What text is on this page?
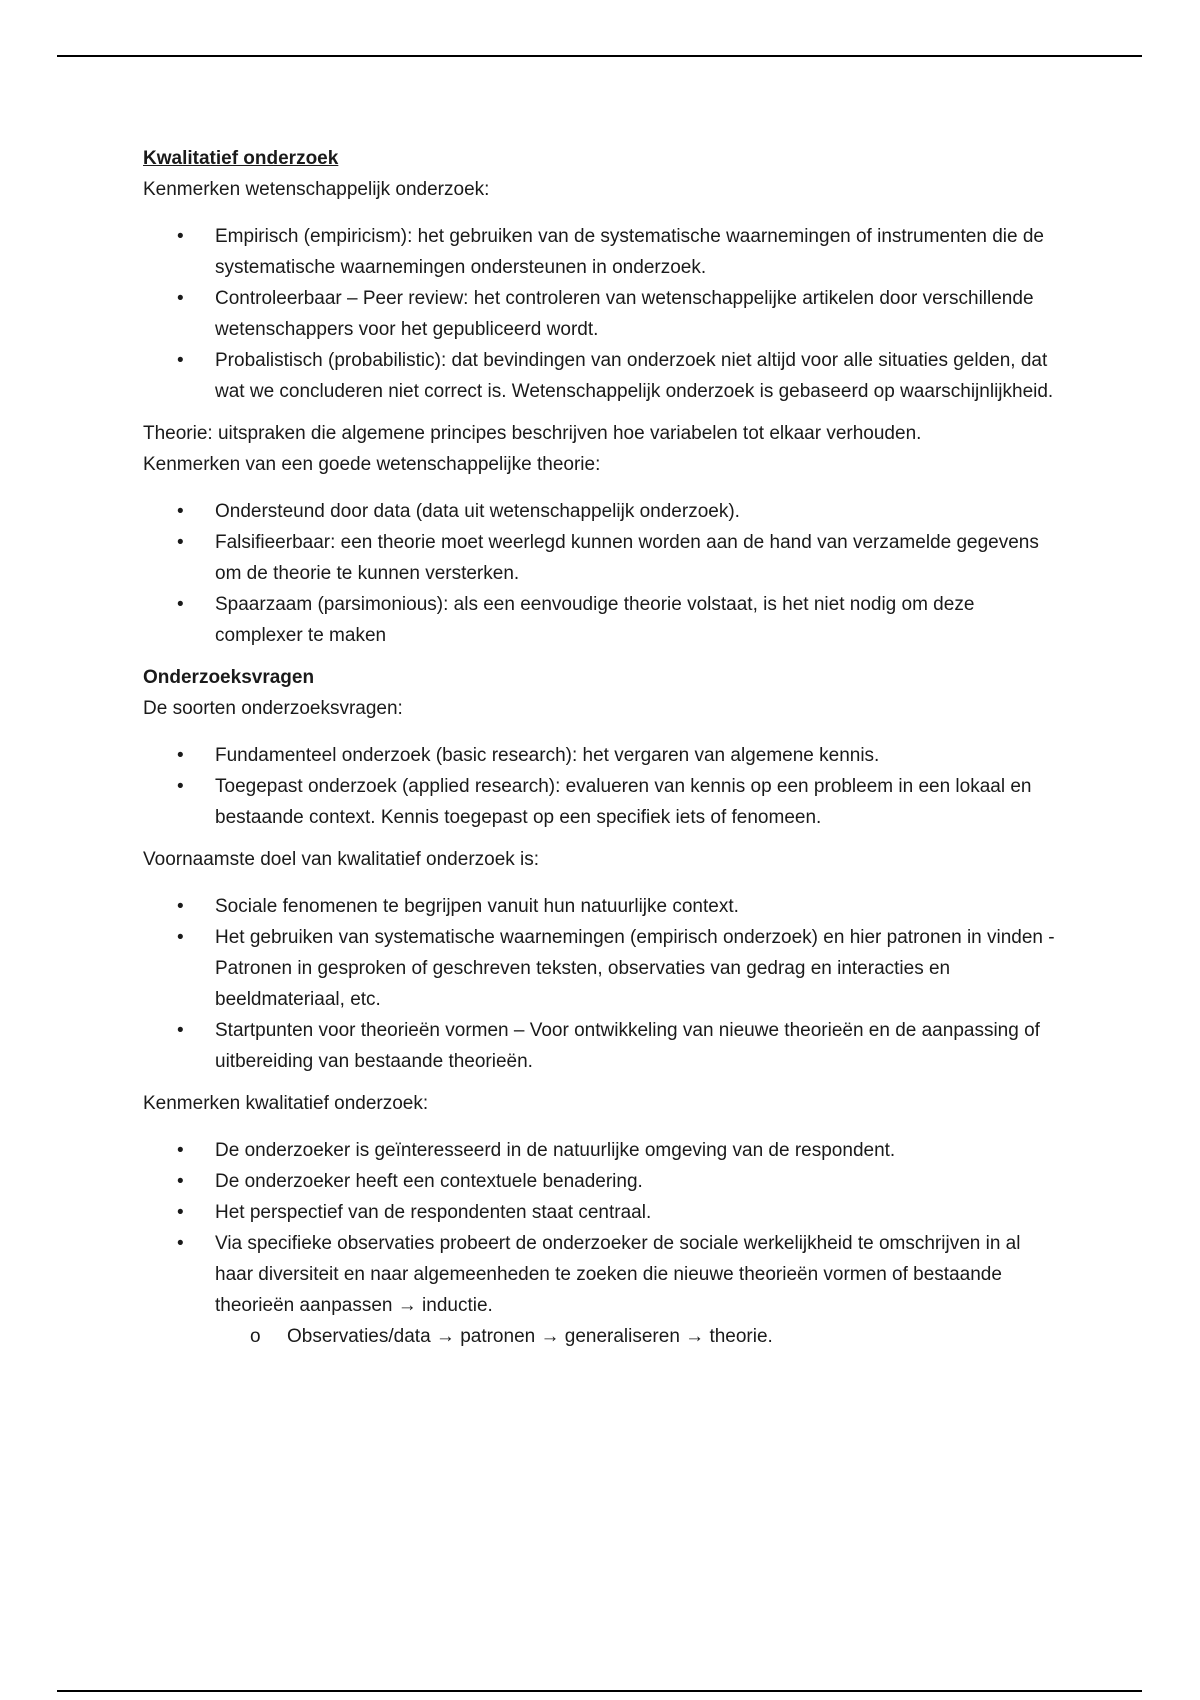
Kwalitatief onderzoek

Kenmerken wetenschappelijk onderzoek:

• Empirisch (empiricism): het gebruiken van de systematische waarnemingen of instrumenten die de systematische waarnemingen ondersteunen in onderzoek.
• Controleerbaar – Peer review: het controleren van wetenschappelijke artikelen door verschillende wetenschappers voor het gepubliceerd wordt.
• Probalistisch (probabilistic): dat bevindingen van onderzoek niet altijd voor alle situaties gelden, dat wat we concluderen niet correct is. Wetenschappelijk onderzoek is gebaseerd op waarschijnlijkheid.

Theorie: uitspraken die algemene principes beschrijven hoe variabelen tot elkaar verhouden.

Kenmerken van een goede wetenschappelijke theorie:

• Ondersteund door data (data uit wetenschappelijk onderzoek).
• Falsifieerbaar: een theorie moet weerlegd kunnen worden aan de hand van verzamelde gegevens om de theorie te kunnen versterken.
• Spaarzaam (parsimonious): als een eenvoudige theorie volstaat, is het niet nodig om deze complexer te maken

Onderzoeksvragen

De soorten onderzoeksvragen:

• Fundamenteel onderzoek (basic research): het vergaren van algemene kennis.
• Toegepast onderzoek (applied research): evalueren van kennis op een probleem in een lokaal en bestaande context. Kennis toegepast op een specifiek iets of fenomeen.

Voornaamste doel van kwalitatief onderzoek is:

• Sociale fenomenen te begrijpen vanuit hun natuurlijke context.
• Het gebruiken van systematische waarnemingen (empirisch onderzoek) en hier patronen in vinden - Patronen in gesproken of geschreven teksten, observaties van gedrag en interacties en beeldmateriaal, etc.
• Startpunten voor theorieën vormen – Voor ontwikkeling van nieuwe theorieën en de aanpassing of uitbereiding van bestaande theorieën.

Kenmerken kwalitatief onderzoek:

• De onderzoeker is geïnteresseerd in de natuurlijke omgeving van de respondent.
• De onderzoeker heeft een contextuele benadering.
• Het perspectief van de respondenten staat centraal.
• Via specifieke observaties probeert de onderzoeker de sociale werkelijkheid te omschrijven in al haar diversiteit en naar algemeenheden te zoeken die nieuwe theorieën vormen of bestaande theorieën aanpassen → inductie.
o Observaties/data → patronen → generaliseren → theorie.
